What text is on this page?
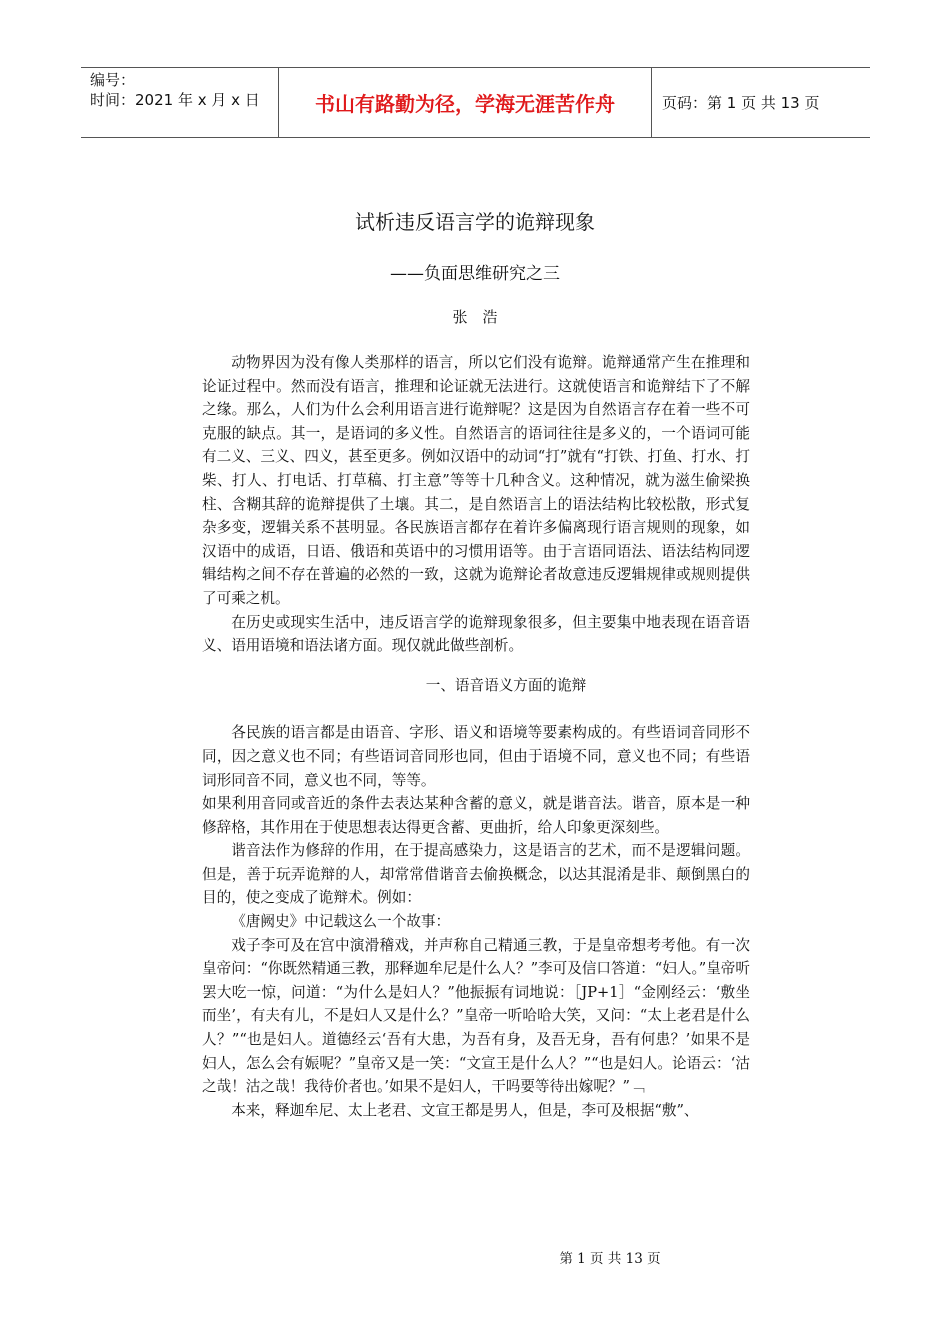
编号：
时间：2021 年 x 月 x 日	书山有路勤为径，学海无涯苦作舟	页码：第 1 页 共 13 页
试析违反语言学的诡辩现象
——负面思维研究之三
张　浩

动物界因为没有像人类那样的语言，所以它们没有诡辩。诡辩通常产生在推理和论证过程中。然而没有语言，推理和论证就无法进行。这就使语言和诡辩结下了不解之缘。那么，人们为什么会利用语言进行诡辩呢？这是因为自然语言存在着一些不可克服的缺点。其一，是语词的多义性。自然语言的语词往往是多义的，一个语词可能有二义、三义、四义，甚至更多。例如汉语中的动词“打”就有“打铁、打鱼、打水、打柴、打人、打电话、打草稿、打主意”等等十几种含义。这种情况，就为滋生偷梁换柱、含糊其辞的诡辩提供了土壤。其二，是自然语言上的语法结构比较松散，形式复杂多变，逻辑关系不甚明显。各民族语言都存在着许多偏离现行语言规则的现象，如汉语中的成语，日语、俄语和英语中的习惯用语等。由于言语同语法、语法结构同逻辑结构之间不存在普遍的必然的一致，这就为诡辩论者故意违反逻辑规律或规则提供了可乘之机。

在历史或现实生活中，违反语言学的诡辩现象很多，但主要集中地表现在语音语义、语用语境和语法诸方面。现仅就此做些剖析。

一、语音语义方面的诡辩

各民族的语言都是由语音、字形、语义和语境等要素构成的。有些语词音同形不同，因之意义也不同；有些语词音同形也同，但由于语境不同，意义也不同；有些语词形同音不同，意义也不同，等等。

如果利用音同或音近的条件去表达某种含蓄的意义，就是谐音法。谐音，原本是一种修辞格，其作用在于使思想表达得更含蓄、更曲折，给人印象更深刻些。

谐音法作为修辞的作用，在于提高感染力，这是语言的艺术，而不是逻辑问题。但是，善于玩弄诡辩的人，却常常借谐音去偷换概念，以达其混淆是非、颠倒黑白的目的，使之变成了诡辩术。例如：

《唐阙史》中记载这么一个故事：

戏子李可及在宫中演滑稽戏，并声称自己精通三教，于是皇帝想考考他。有一次皇帝问：“你既然精通三教，那释迦牟尼是什么人？”李可及信口答道：“妇人。”皇帝听罢大吃一惊，问道：“为什么是妇人？”他振振有词地说：［JP+1］“金刚经云：‘敷坐而坐’，有夫有儿，不是妇人又是什么？”皇帝一听哈哈大笑，又问：“太上老君是什么人？”“也是妇人。道德经云‘吾有大患，为吾有身，及吾无身，吾有何患？’如果不是妇人，怎么会有娠呢？”皇帝又是一笑：“文宣王是什么人？”“也是妇人。论语云：‘沽之哉！沽之哉！我待价者也。’如果不是妇人，干吗要等待出嫁呢？”﹁

本来，释迦牟尼、太上老君、文宣王都是男人，但是，李可及根据“敷”、

第 1 页 共 13 页
